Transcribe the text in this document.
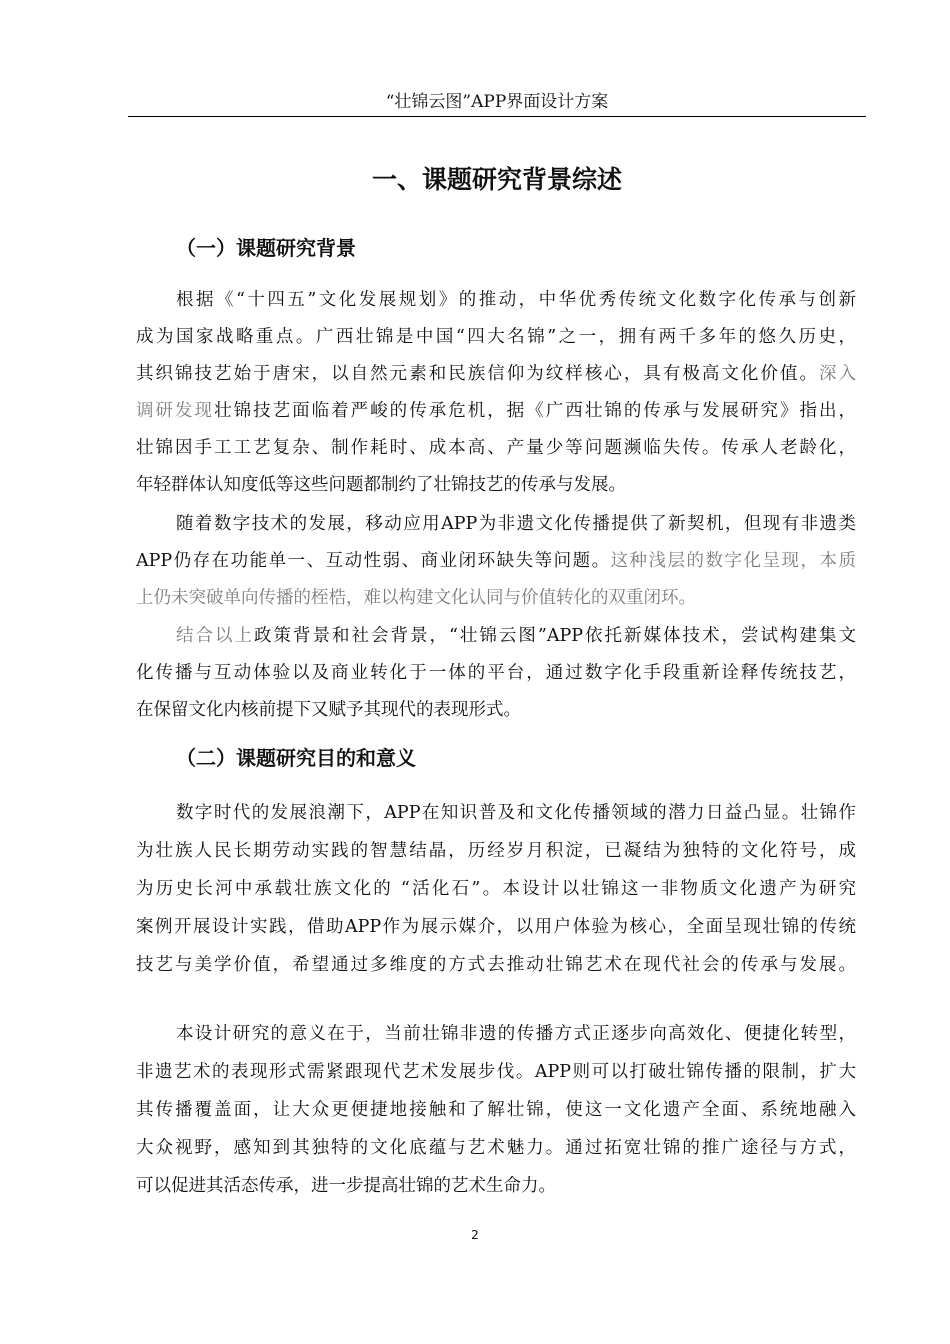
“壮锦云图”APP界面设计方案
一、课题研究背景综述
（一）课题研究背景
根据《“十四五”文化发展规划》的推动，中华优秀传统文化数字化传承与创新
成为国家战略重点。广西壮锦是中国“四大名锦”之一，拥有两千多年的悠久历史，
其织锦技艺始于唐宋，以自然元素和民族信仰为纹样核心，具有极高文化价值。深入
调研发现壮锦技艺面临着严峻的传承危机，据《广西壮锦的传承与发展研究》指出，
壮锦因手工工艺复杂、制作耗时、成本高、产量少等问题濒临失传。传承人老龄化，
年轻群体认知度低等这些问题都制约了壮锦技艺的传承与发展。
随着数字技术的发展，移动应用APP为非遗文化传播提供了新契机，但现有非遗类
APP仍存在功能单一、互动性弱、商业闭环缺失等问题。这种浅层的数字化呈现，本质
上仍未突破单向传播的桎梏，难以构建文化认同与价值转化的双重闭环。
结合以上政策背景和社会背景，“壮锦云图”APP依托新媒体技术，尝试构建集文
化传播与互动体验以及商业转化于一体的平台，通过数字化手段重新诠释传统技艺，
在保留文化内核前提下又赋予其现代的表现形式。
（二）课题研究目的和意义
数字时代的发展浪潮下，APP在知识普及和文化传播领域的潜力日益凸显。壮锦作
为壮族人民长期劳动实践的智慧结晶，历经岁月积淀，已凝结为独特的文化符号，成
为历史长河中承载壮族文化的 “活化石”。本设计以壮锦这一非物质文化遗产为研究
案例开展设计实践，借助APP作为展示媒介，以用户体验为核心，全面呈现壮锦的传统
技艺与美学价值，希望通过多维度的方式去推动壮锦艺术在现代社会的传承与发展。
本设计研究的意义在于，当前壮锦非遗的传播方式正逐步向高效化、便捷化转型，
非遗艺术的表现形式需紧跟现代艺术发展步伐。APP则可以打破壮锦传播的限制，扩大
其传播覆盖面，让大众更便捷地接触和了解壮锦，使这一文化遗产全面、系统地融入
大众视野，感知到其独特的文化底蕴与艺术魅力。通过拓宽壮锦的推广途径与方式，
可以促进其活态传承，进一步提高壮锦的艺术生命力。
2
